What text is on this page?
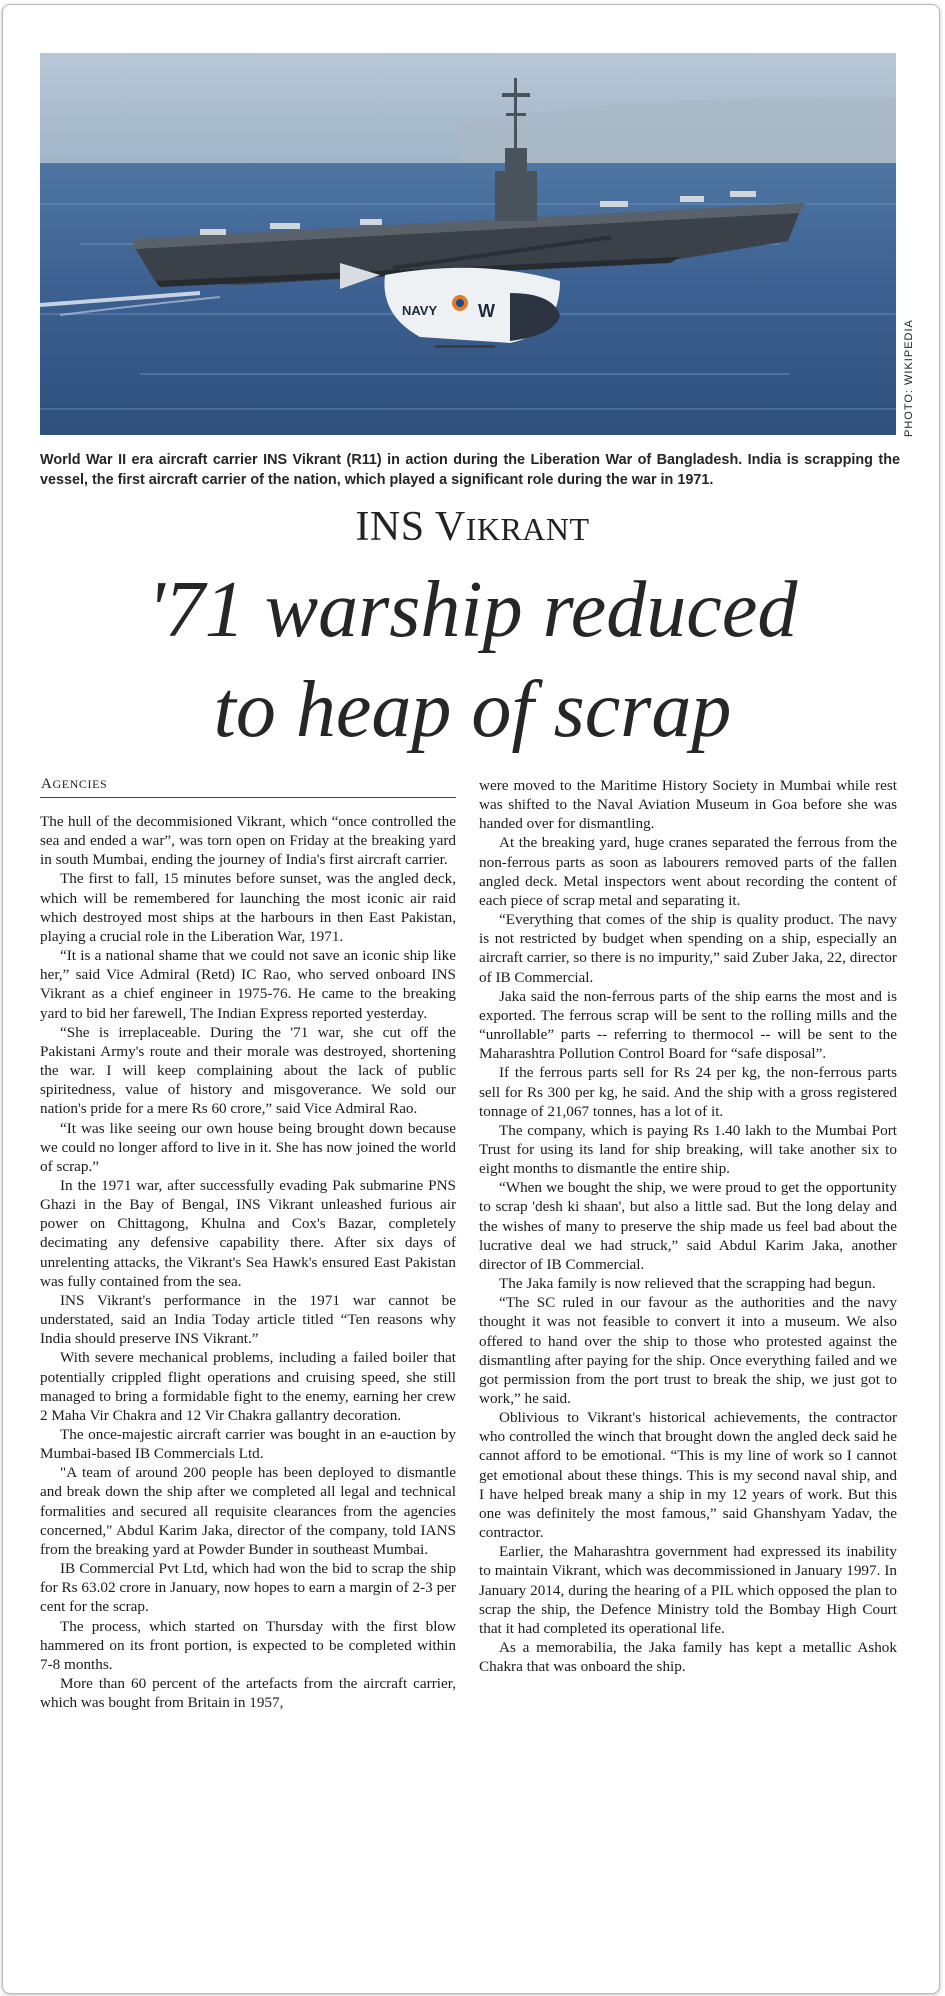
NAVY W
PHOTO: WIKIPEDIA
World War II era aircraft carrier INS Vikrant (R11) in action during the Liberation War of Bangladesh. India is scrapping the vessel, the first aircraft carrier of the nation, which played a significant role during the war in 1971.
INS VIKRANT
'71 warship reduced
to heap of scrap
AGENCIES

The hull of the decommisioned Vikrant, which “once controlled the sea and ended a war”, was torn open on Friday at the breaking yard in south Mumbai, ending the journey of India's first aircraft carrier.

The first to fall, 15 minutes before sunset, was the angled deck, which will be remembered for launching the most iconic air raid which destroyed most ships at the harbours in then East Pakistan, playing a crucial role in the Liberation War, 1971.

“It is a national shame that we could not save an iconic ship like her,” said Vice Admiral (Retd) IC Rao, who served onboard INS Vikrant as a chief engineer in 1975-76. He came to the breaking yard to bid her farewell, The Indian Express reported yesterday.

“She is irreplaceable. During the '71 war, she cut off the Pakistani Army's route and their morale was destroyed, shortening the war. I will keep complaining about the lack of public spiritedness, value of history and misgoverance. We sold our nation's pride for a mere Rs 60 crore,” said Vice Admiral Rao.

“It was like seeing our own house being brought down because we could no longer afford to live in it. She has now joined the world of scrap.”

In the 1971 war, after successfully evading Pak submarine PNS Ghazi in the Bay of Bengal, INS Vikrant unleashed furious air power on Chittagong, Khulna and Cox's Bazar, completely decimating any defensive capability there. After six days of unrelenting attacks, the Vikrant's Sea Hawk's ensured East Pakistan was fully contained from the sea.

INS Vikrant's performance in the 1971 war cannot be understated, said an India Today article titled “Ten reasons why India should preserve INS Vikrant.”

With severe mechanical problems, including a failed boiler that potentially crippled flight operations and cruising speed, she still managed to bring a formidable fight to the enemy, earning her crew 2 Maha Vir Chakra and 12 Vir Chakra gallantry decoration.

The once-majestic aircraft carrier was bought in an e-auction by Mumbai-based IB Commercials Ltd.

"A team of around 200 people has been deployed to dismantle and break down the ship after we completed all legal and technical formalities and secured all requisite clearances from the agencies concerned," Abdul Karim Jaka, director of the company, told IANS from the breaking yard at Powder Bunder in southeast Mumbai.

IB Commercial Pvt Ltd, which had won the bid to scrap the ship for Rs 63.02 crore in January, now hopes to earn a margin of 2-3 per cent for the scrap.

The process, which started on Thursday with the first blow hammered on its front portion, is expected to be completed within 7-8 months.

More than 60 percent of the artefacts from the aircraft carrier, which was bought from Britain in 1957,

were moved to the Maritime History Society in Mumbai while rest was shifted to the Naval Aviation Museum in Goa before she was handed over for dismantling.

At the breaking yard, huge cranes separated the ferrous from the non-ferrous parts as soon as labourers removed parts of the fallen angled deck. Metal inspectors went about recording the content of each piece of scrap metal and separating it.

“Everything that comes of the ship is quality product. The navy is not restricted by budget when spending on a ship, especially an aircraft carrier, so there is no impurity,” said Zuber Jaka, 22, director of IB Commercial.

Jaka said the non-ferrous parts of the ship earns the most and is exported. The ferrous scrap will be sent to the rolling mills and the “unrollable” parts -- referring to thermocol -- will be sent to the Maharashtra Pollution Control Board for “safe disposal”.

If the ferrous parts sell for Rs 24 per kg, the non-ferrous parts sell for Rs 300 per kg, he said. And the ship with a gross registered tonnage of 21,067 tonnes, has a lot of it.

The company, which is paying Rs 1.40 lakh to the Mumbai Port Trust for using its land for ship breaking, will take another six to eight months to dismantle the entire ship.

“When we bought the ship, we were proud to get the opportunity to scrap 'desh ki shaan', but also a little sad. But the long delay and the wishes of many to preserve the ship made us feel bad about the lucrative deal we had struck,” said Abdul Karim Jaka, another director of IB Commercial.

The Jaka family is now relieved that the scrapping had begun.

“The SC ruled in our favour as the authorities and the navy thought it was not feasible to convert it into a museum. We also offered to hand over the ship to those who protested against the dismantling after paying for the ship. Once everything failed and we got permission from the port trust to break the ship, we just got to work,” he said.

Oblivious to Vikrant's historical achievements, the contractor who controlled the winch that brought down the angled deck said he cannot afford to be emotional. “This is my line of work so I cannot get emotional about these things. This is my second naval ship, and I have helped break many a ship in my 12 years of work. But this one was definitely the most famous,” said Ghanshyam Yadav, the contractor.

Earlier, the Maharashtra government had expressed its inability to maintain Vikrant, which was decommissioned in January 1997. In January 2014, during the hearing of a PIL which opposed the plan to scrap the ship, the Defence Ministry told the Bombay High Court that it had completed its operational life.

As a memorabilia, the Jaka family has kept a metallic Ashok Chakra that was onboard the ship.
